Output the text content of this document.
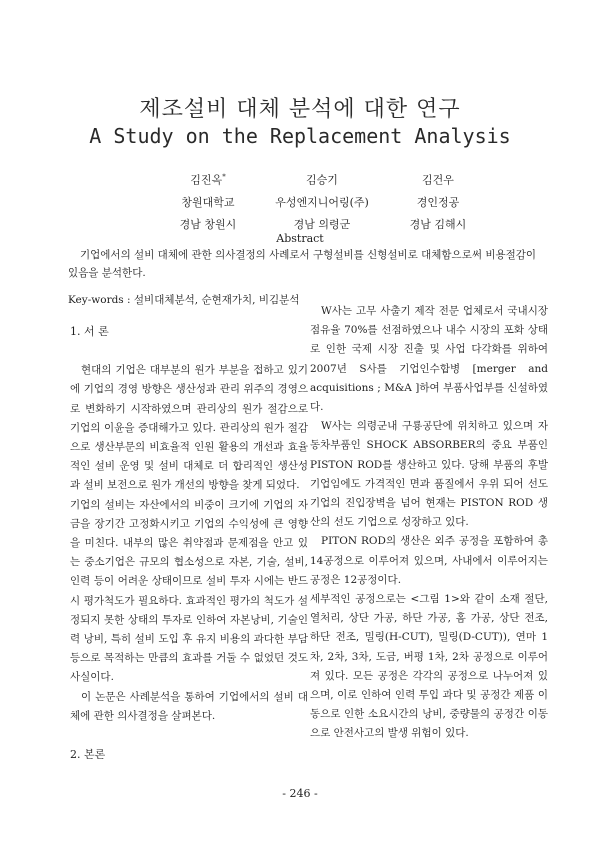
제조설비 대체 분석에 대한 연구
A Study on the Replacement Analysis
김진옥*
창원대학교
경남 창원시
김승기
우성엔지니어링(주)
경남 의령군
김건우
경인정공
경남 김해시
Abstract
기업에서의 설비 대체에 관한 의사결정의 사례로서 구형설비를 신형설비로 대체함으로써 비용절감이 있음을 분석한다.
Key-words : 설비대체분석, 순현재가치, 비김분석

1. 서 론

현대의 기업은 대부분의 원가 부분을 접하고 있기에 기업의 경영 방향은 생산성과 관리 위주의 경영으로 변화하기 시작하였으며 관리상의 원가 절감으로 기업의 이윤을 증대해가고 있다. 관리상의 원가 절감으로 생산부문의 비효율적 인원 활용의 개선과 효율적인 설비 운영 및 설비 대체로 더 합리적인 생산성과 설비 보전으로 원가 개선의 방향을 찾게 되었다.

기업의 설비는 자산에서의 비중이 크기에 기업의 자금을 장기간 고정화시키고 기업의 수익성에 큰 영향을 미친다. 내부의 많은 취약점과 문제점을 안고 있는 중소기업은 규모의 협소성으로 자본, 기술, 설비, 인력 등이 어려운 상태이므로 설비 투자 시에는 반드시 평가척도가 필요하다. 효과적인 평가의 척도가 설정되지 못한 상태의 투자로 인하여 자본낭비, 기술인력 낭비, 특히 설비 도입 후 유지 비용의 과다한 부담 등으로 목적하는 만큼의 효과를 거둘 수 없었던 것도 사실이다.

이 논문은 사례분석을 통하여 기업에서의 설비 대체에 관한 의사결정을 살펴본다.

2. 본론

W사는 고무 사출기 제작 전문 업체로서 국내시장 점유율 70%를 선점하였으나 내수 시장의 포화 상태로 인한 국제 시장 진출 및 사업 다각화를 위하여 2007년 S사를 기업인수합병 [merger and acquisitions ; M&A ]하여 부품사업부를 신설하였다.

W사는 의령군내 구룡공단에 위치하고 있으며 자동차부품인 SHOCK ABSORBER의 중요 부품인 PISTON ROD를 생산하고 있다. 당해 부품의 후발 기업임에도 가격적인 면과 품질에서 우위 되어 선도 기업의 진입장벽을 넘어 현재는 PISTON ROD 생산의 선도 기업으로 성장하고 있다.

PITON ROD의 생산은 외주 공정을 포함하여 총 14공정으로 이루어져 있으며, 사내에서 이루어지는 공정은 12공정이다.

세부적인 공정으로는 <그림 1>와 같이 소재 절단, 열처리, 상단 가공, 하단 가공, 홈 가공, 상단 전조, 하단 전조, 밀링(H-CUT), 밀링(D-CUT)), 연마 1차, 2차, 3차, 도금, 버평 1차, 2차 공정으로 이루어져 있다. 모든 공정은 각각의 공정으로 나누어져 있으며, 이로 인하여 인력 투입 과다 및 공정간 제품 이동으로 인한 소요시간의 낭비, 중량물의 공정간 이동으로 안전사고의 발생 위험이 있다.

- 246 -
